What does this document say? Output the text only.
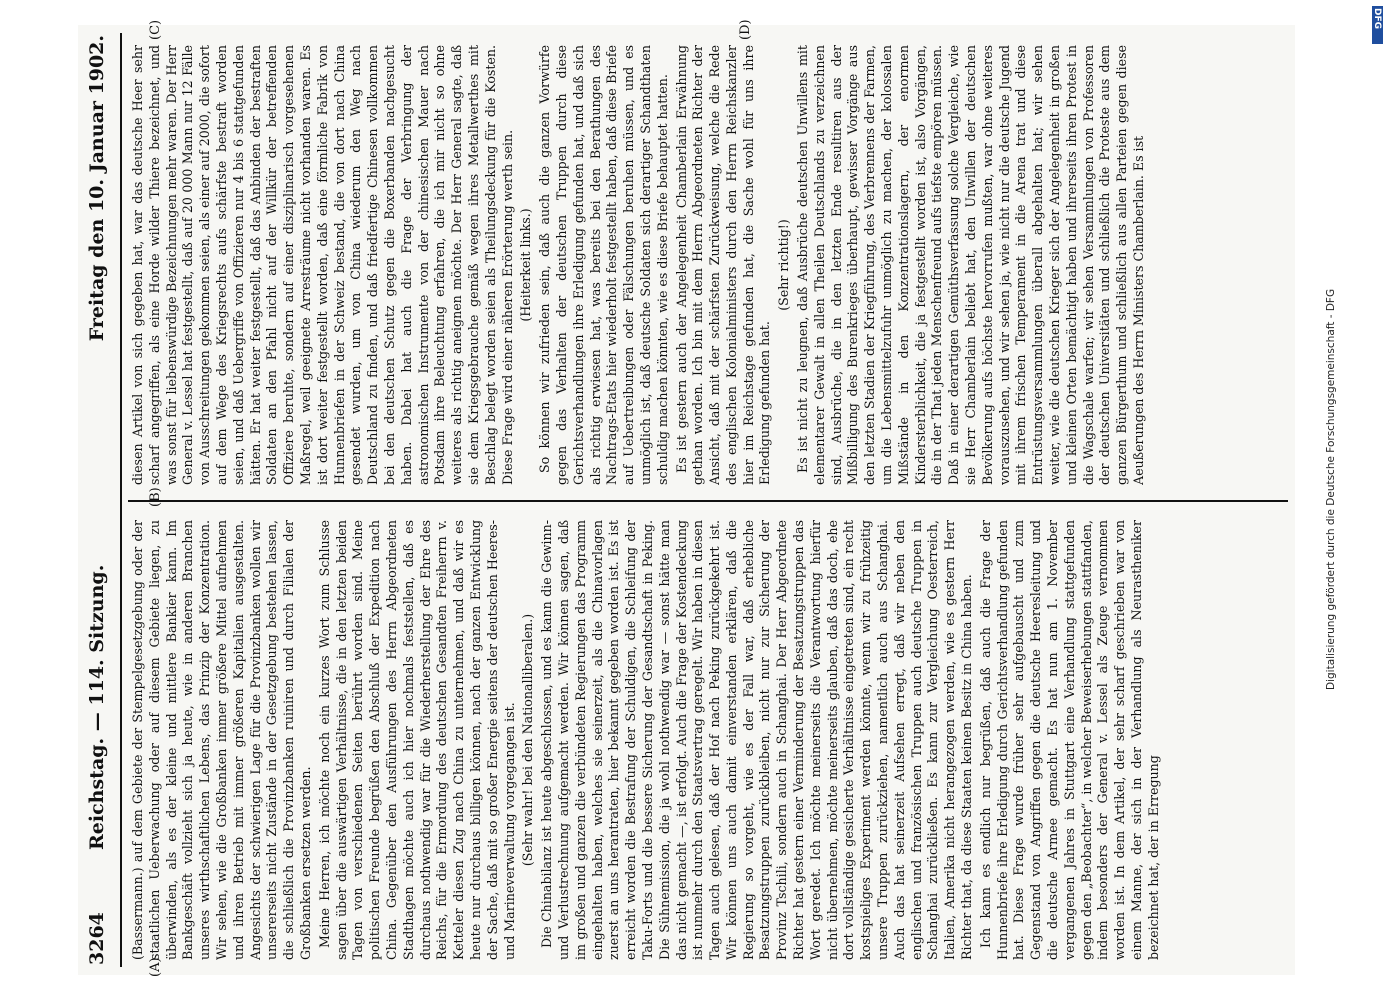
3264
Reichstag. — 114. Sitzung.
Freitag den 10. Januar 1902.
(A)
(B)
(C)	(D)

(Bassermann.) auf dem Gebiete der Stempelgesetzgebung oder der staatlichen Ueberwachung oder auf diesem Gebiete liegen, zu überwinden, als es der kleine und mittlere Bankier kann. Im Bankgeschäft vollzieht sich ja heute, wie in anderen Branchen unseres wirthschaftlichen Lebens, das Prinzip der Konzentration. Wir sehen, wie die Großbanken immer größere Mittel aufnehmen und ihren Betrieb mit immer größeren Kapitalien ausgestalten. Angesichts der schwierigen Lage für die Provinzbanken wollen wir unsererseits nicht Zustände in der Gesetzgebung bestehen lassen, die schließlich die Provinzbanken ruiniren und durch Filialen der Großbanken ersetzen werden. Meine Herren, ich möchte noch ein kurzes Wort zum Schlusse sagen über die auswärtigen Verhältnisse, die in den letzten beiden Tagen von verschiedenen Seiten berührt worden sind. Meine politischen Freunde begrüßen den Abschluß der Expedition nach China. Gegenüber den Ausführungen des Herrn Abgeordneten Stadthagen möchte auch ich hier nochmals feststellen, daß es durchaus nothwendig war für die Wiederherstellung der Ehre des Reichs, für die Ermordung des deutschen Gesandten Freiherrn v. Ketteler diesen Zug nach China zu unternehmen, und daß wir es heute nur durchaus billigen können, nach der ganzen Entwicklung der Sache, daß mit so großer Energie seitens der deutschen Heeres- und Marineverwaltung vorgegangen ist. (Sehr wahr! bei den Nationalliberalen.) Die Chinabilanz ist heute abgeschlossen, und es kann die Gewinn- und Verlustrechnung aufgemacht werden. Wir können sagen, daß im großen und ganzen die verbündeten Regierungen das Programm eingehalten haben, welches sie seinerzeit, als die Chinavorlagen zuerst an uns herantraten, hier bekannt gegeben worden ist. Es ist erreicht worden die Bestrafung der Schuldigen, die Schleifung der Taku-Forts und die bessere Sicherung der Gesandtschaft in Peking. Die Sühnemission, die ja wohl nothwendig war — sonst hätte man das nicht gemacht —, ist erfolgt. Auch die Frage der Kostendeckung ist nunmehr durch den Staatsvertrag geregelt. Wir haben in diesen Tagen auch gelesen, daß der Hof nach Peking zurückgekehrt ist. Wir können uns auch damit einverstanden erklären, daß die Regierung so vorgeht, wie es der Fall war, daß erhebliche Besatzungstruppen zurückbleiben, nicht nur zur Sicherung der Provinz Tschili, sondern auch in Schanghai. Der Herr Abgeordnete Richter hat gestern einer Verminderung der Besatzungstruppen das Wort geredet. Ich möchte meinerseits die Verantwortung hierfür nicht übernehmen, möchte meinerseits glauben, daß das doch, ehe dort vollständige gesicherte Verhältnisse eingetreten sind, ein recht kostspieliges Experiment werden könnte, wenn wir zu frühzeitig unsere Truppen zurückziehen, namentlich auch aus Schanghai. Auch das hat seinerzeit Aufsehen erregt, daß wir neben den englischen und französischen Truppen auch deutsche Truppen in Schanghai zurückließen. Es kann zur Vergleichung Oesterreich, Italien, Amerika nicht herangezogen werden, wie es gestern Herr Richter that, da diese Staaten keinen Besitz in China haben. Ich kann es endlich nur begrüßen, daß auch die Frage der Hunnenbriefe ihre Erledigung durch Gerichtsverhandlung gefunden hat. Diese Frage wurde früher sehr aufgebauscht und zum Gegenstand von Angriffen gegen die deutsche Heeresleitung und die deutsche Armee gemacht. Es hat nun am 1. November vergangenen Jahres in Stuttgart eine Verhandlung stattgefunden gegen den „Beobachter“, in welcher Beweiserhebungen stattfanden, indem besonders der General v. Lessel als Zeuge vernommen worden ist. In dem Artikel, der sehr scharf geschrieben war von einem Manne, der sich in der Verhandlung als Neurastheniker bezeichnet hat, der in Erregung

diesen Artikel von sich gegeben hat, war das deutsche Heer sehr scharf angegriffen, als eine Horde wilder Thiere bezeichnet, und was sonst für liebenswürdige Bezeichnungen mehr waren. Der Herr General v. Lessel hat festgestellt, daß auf 20 000 Mann nur 12 Fälle von Ausschreitungen gekommen seien, als einer auf 2000, die sofort auf dem Wege des Kriegsrechts aufs schärfste bestraft worden seien, und daß Uebergriffe von Offizieren nur 4 bis 6 stattgefunden hätten. Er hat weiter festgestellt, daß das Anbinden der bestraften Soldaten an den Pfahl nicht auf der Willkür der betreffenden Offiziere beruhte, sondern auf einer disziplinarisch vorgesehenen Maßregel, weil geeignete Arresträume nicht vorhanden waren. Es ist dort weiter festgestellt worden, daß eine förmliche Fabrik von Hunnenbriefen in der Schweiz bestand, die von dort nach China gesendet wurden, um von China wiederum den Weg nach Deutschland zu finden, und daß friedfertige Chinesen vollkommen bei den deutschen Schutz gegen die Boxerbanden nachgesucht haben. Dabei hat auch die Frage der Verbringung der astronomischen Instrumente von der chinesischen Mauer nach Potsdam ihre Beleuchtung erfahren, die ich mir nicht so ohne weiteres als richtig aneignen möchte. Der Herr General sagte, daß sie dem Kriegsgebrauche gemäß wegen ihres Metallwerthes mit Beschlag belegt worden seien als Theilungsdeckung für die Kosten. Diese Frage wird einer näheren Erörterung werth sein. (Heiterkeit links.) So können wir zufrieden sein, daß auch die ganzen Vorwürfe gegen das Verhalten der deutschen Truppen durch diese Gerichtsverhandlungen ihre Erledigung gefunden hat, und daß sich als richtig erwiesen hat, was bereits bei den Berathungen des Nachtrags-Etats hier wiederholt festgestellt haben, daß diese Briefe auf Uebertreibungen oder Fälschungen beruhen müssen, und es unmöglich ist, daß deutsche Soldaten sich derartiger Schandthaten schuldig machen könnten, wie es diese Briefe behauptet hatten. Es ist gestern auch der Angelegenheit Chamberlain Erwähnung gethan worden. Ich bin mit dem Herrn Abgeordneten Richter der Ansicht, daß mit der schärfsten Zurückweisung, welche die Rede des englischen Kolonialministers durch den Herrn Reichskanzler hier im Reichstage gefunden hat, die Sache wohl für uns ihre Erledigung gefunden hat.

(Sehr richtig!) Es ist nicht zu leugnen, daß Ausbrüche deutschen Unwillens mit elementarer Gewalt in allen Theilen Deutschlands zu verzeichnen sind, Ausbrüche, die in den letzten Ende resultiren aus der Mißbilligung des Burenkrieges überhaupt, gewisser Vorgänge aus den letzten Stadien der Kriegführung, des Verbrennens der Farmen, um die Lebensmittelzufuhr unmöglich zu machen, der kolossalen Mißstände in den Konzentrationslagern, der enormen Kindersterblichkeit, die ja festgestellt worden ist, also Vorgängen, die in der That jeden Menschenfreund aufs tiefste empören müssen. Daß in einer derartigen Gemüthsverfassung solche Vergleiche, wie sie Herr Chamberlain beliebt hat, den Unwillen der deutschen Bevölkerung aufs höchste hervorrufen mußten, war ohne weiteres vorauszusehen, und wir sehen ja, wie nicht nur die deutsche Jugend mit ihrem frischen Temperament in die Arena trat und diese Entrüstungsversammlungen überall abgehalten hat; wir sehen weiter, wie die deutschen Krieger sich der Angelegenheit in großen und kleinen Orten bemächtigt haben und ihrerseits ihren Protest in die Wagschale warfen; wir sehen Versammlungen von Professoren der deutschen Universitäten und schließlich die Proteste aus dem ganzen Bürgerthum und schließlich aus allen Parteien gegen diese Aeußerungen des Herrn Ministers Chamberlain. Es ist	Digitalisierung gefördert durch die Deutsche Forschungsgemeinschaft - DFG
DFG
